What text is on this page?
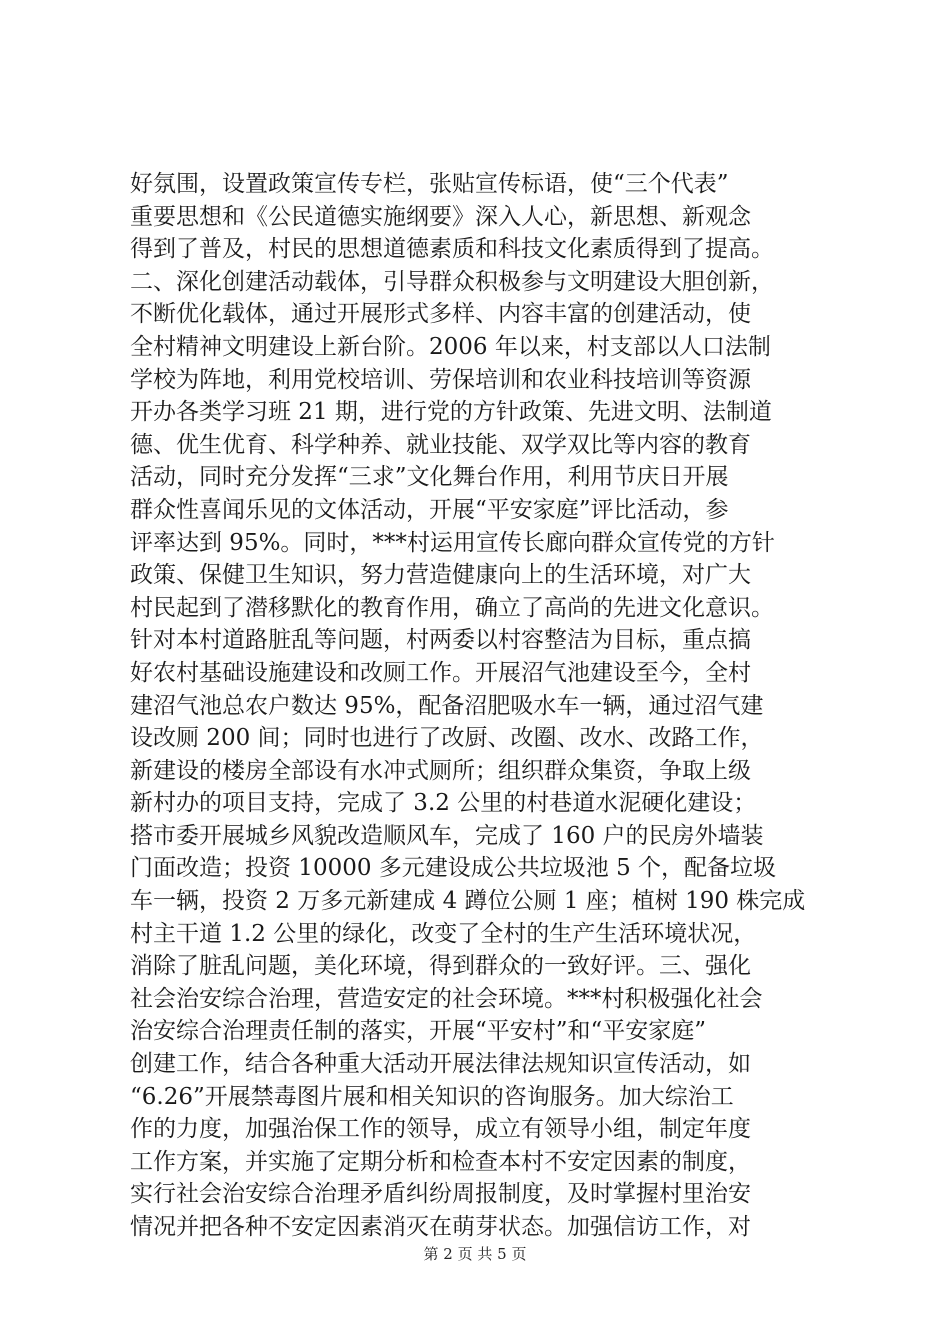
好氛围，设置政策宣传专栏，张贴宣传标语，使“三个代表”
重要思想和《公民道德实施纲要》深入人心，新思想、新观念
得到了普及，村民的思想道德素质和科技文化素质得到了提高。
二、深化创建活动载体，引导群众积极参与文明建设大胆创新，
不断优化载体，通过开展形式多样、内容丰富的创建活动，使
全村精神文明建设上新台阶。2006 年以来，村支部以人口法制
学校为阵地，利用党校培训、劳保培训和农业科技培训等资源
开办各类学习班 21 期，进行党的方针政策、先进文明、法制道
德、优生优育、科学种养、就业技能、双学双比等内容的教育
活动，同时充分发挥“三求”文化舞台作用，利用节庆日开展
群众性喜闻乐见的文体活动，开展“平安家庭”评比活动，参
评率达到 95%。同时，***村运用宣传长廊向群众宣传党的方针
政策、保健卫生知识，努力营造健康向上的生活环境，对广大
村民起到了潜移默化的教育作用，确立了高尚的先进文化意识。
针对本村道路脏乱等问题，村两委以村容整洁为目标，重点搞
好农村基础设施建设和改厕工作。开展沼气池建设至今，全村
建沼气池总农户数达 95%，配备沼肥吸水车一辆，通过沼气建
设改厕 200 间；同时也进行了改厨、改圈、改水、改路工作，
新建设的楼房全部设有水冲式厕所；组织群众集资，争取上级
新村办的项目支持，完成了 3.2 公里的村巷道水泥硬化建设；
搭市委开展城乡风貌改造顺风车，完成了 160 户的民房外墙装
门面改造；投资 10000 多元建设成公共垃圾池 5 个，配备垃圾
车一辆，投资 2 万多元新建成 4 蹲位公厕 1 座；植树 190 株完成
村主干道 1.2 公里的绿化，改变了全村的生产生活环境状况，
消除了脏乱问题，美化环境，得到群众的一致好评。三、强化
社会治安综合治理，营造安定的社会环境。***村积极强化社会
治安综合治理责任制的落实，开展“平安村”和“平安家庭”
创建工作，结合各种重大活动开展法律法规知识宣传活动，如
“6.26”开展禁毒图片展和相关知识的咨询服务。加大综治工
作的力度，加强治保工作的领导，成立有领导小组，制定年度
工作方案，并实施了定期分析和检查本村不安定因素的制度，
实行社会治安综合治理矛盾纠纷周报制度，及时掌握村里治安
情况并把各种不安定因素消灭在萌芽状态。加强信访工作，对
第 2 页 共 5 页
